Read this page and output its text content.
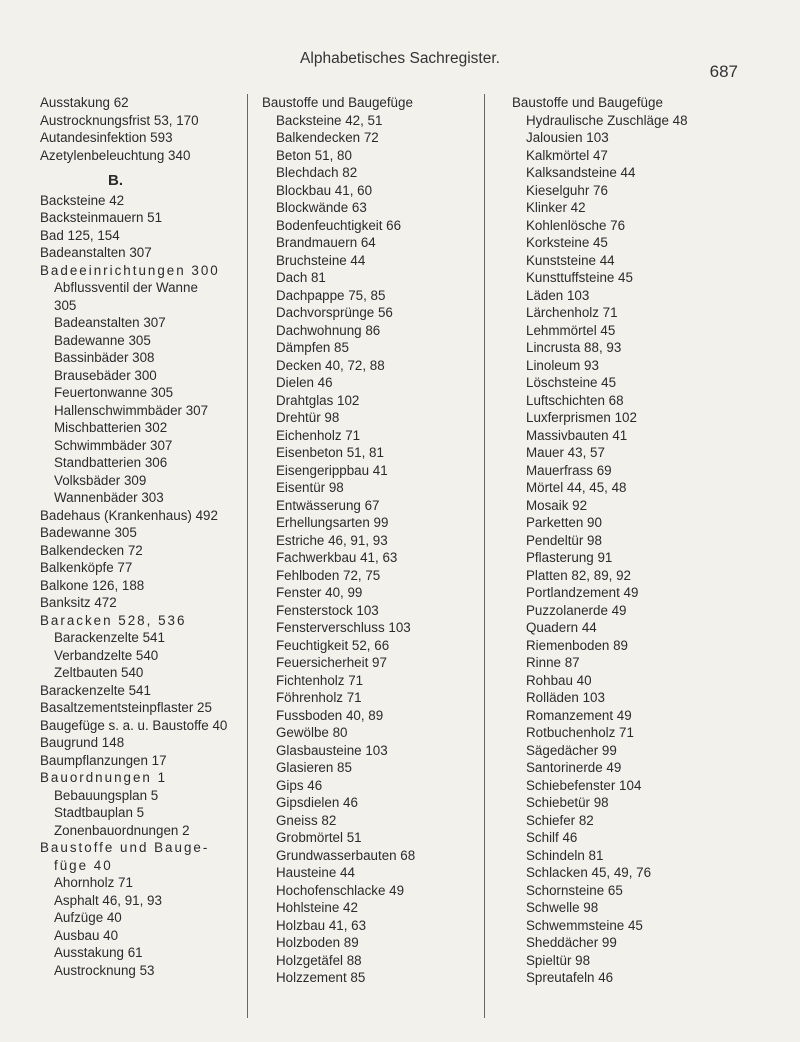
Alphabetisches Sachregister.
687
Ausstakung 62
Austrocknungsfrist 53, 170
Autandesinfektion 593
Azetylenbeleuchtung 340
B.
Backsteine 42
Backsteinmauern 51
Bad 125, 154
Badeanstalten 307
Badeeinrichtungen 300
Abflussventil der Wanne
305
Badeanstalten 307
Badewanne 305
Bassinbäder 308
Brausebäder 300
Feuertonwanne 305
Hallenschwimmbäder 307
Mischbatterien 302
Schwimmbäder 307
Standbatterien 306
Volksbäder 309
Wannenbäder 303
Badehaus (Krankenhaus) 492
Badewanne 305
Balkendecken 72
Balkenköpfe 77
Balkone 126, 188
Banksitz 472
Baracken 528, 536
Barackenzelte 541
Verbandzelte 540
Zeltbauten 540
Barackenzelte 541
Basaltzementsteinpflaster 25
Baugefüge s. a. u. Baustoffe 40
Baugrund 148
Baumpflanzungen 17
Bauordnungen 1
Bebauungsplan 5
Stadtbauplan 5
Zonenbauordnungen 2
Baustoffe und Bauge-
füge 40
Ahornholz 71
Asphalt 46, 91, 93
Aufzüge 40
Ausbau 40
Ausstakung 61
Austrocknung 53
Baustoffe und Baugefüge
Backsteine 42, 51
Balkendecken 72
Beton 51, 80
Blechdach 82
Blockbau 41, 60
Blockwände 63
Bodenfeuchtigkeit 66
Brandmauern 64
Bruchsteine 44
Dach 81
Dachpappe 75, 85
Dachvorsprünge 56
Dachwohnung 86
Dämpfen 85
Decken 40, 72, 88
Dielen 46
Drahtglas 102
Drehtür 98
Eichenholz 71
Eisenbeton 51, 81
Eisengerippbau 41
Eisentür 98
Entwässerung 67
Erhellungsarten 99
Estriche 46, 91, 93
Fachwerkbau 41, 63
Fehlboden 72, 75
Fenster 40, 99
Fensterstock 103
Fensterverschluss 103
Feuchtigkeit 52, 66
Feuersicherheit 97
Fichtenholz 71
Föhrenholz 71
Fussboden 40, 89
Gewölbe 80
Glasbausteine 103
Glasieren 85
Gips 46
Gipsdielen 46
Gneiss 82
Grobmörtel 51
Grundwasserbauten 68
Hausteine 44
Hochofenschlacke 49
Hohlsteine 42
Holzbau 41, 63
Holzboden 89
Holzgetäfel 88
Holzzement 85
Baustoffe und Baugefüge
Hydraulische Zuschläge 48
Jalousien 103
Kalkmörtel 47
Kalksandsteine 44
Kieselguhr 76
Klinker 42
Kohlenlösche 76
Korksteine 45
Kunststeine 44
Kunsttuffsteine 45
Läden 103
Lärchenholz 71
Lehmmörtel 45
Lincrusta 88, 93
Linoleum 93
Löschsteine 45
Luftschichten 68
Luxferprismen 102
Massivbauten 41
Mauer 43, 57
Mauerfrass 69
Mörtel 44, 45, 48
Mosaik 92
Parketten 90
Pendeltür 98
Pflasterung 91
Platten 82, 89, 92
Portlandzement 49
Puzzolanerde 49
Quadern 44
Riemenboden 89
Rinne 87
Rohbau 40
Rolläden 103
Romanzement 49
Rotbuchenholz 71
Sägedächer 99
Santorinerde 49
Schiebefenster 104
Schiebetür 98
Schiefer 82
Schilf 46
Schindeln 81
Schlacken 45, 49, 76
Schornsteine 65
Schwelle 98
Schwemmsteine 45
Sheddächer 99
Spieltür 98
Spreutafeln 46
